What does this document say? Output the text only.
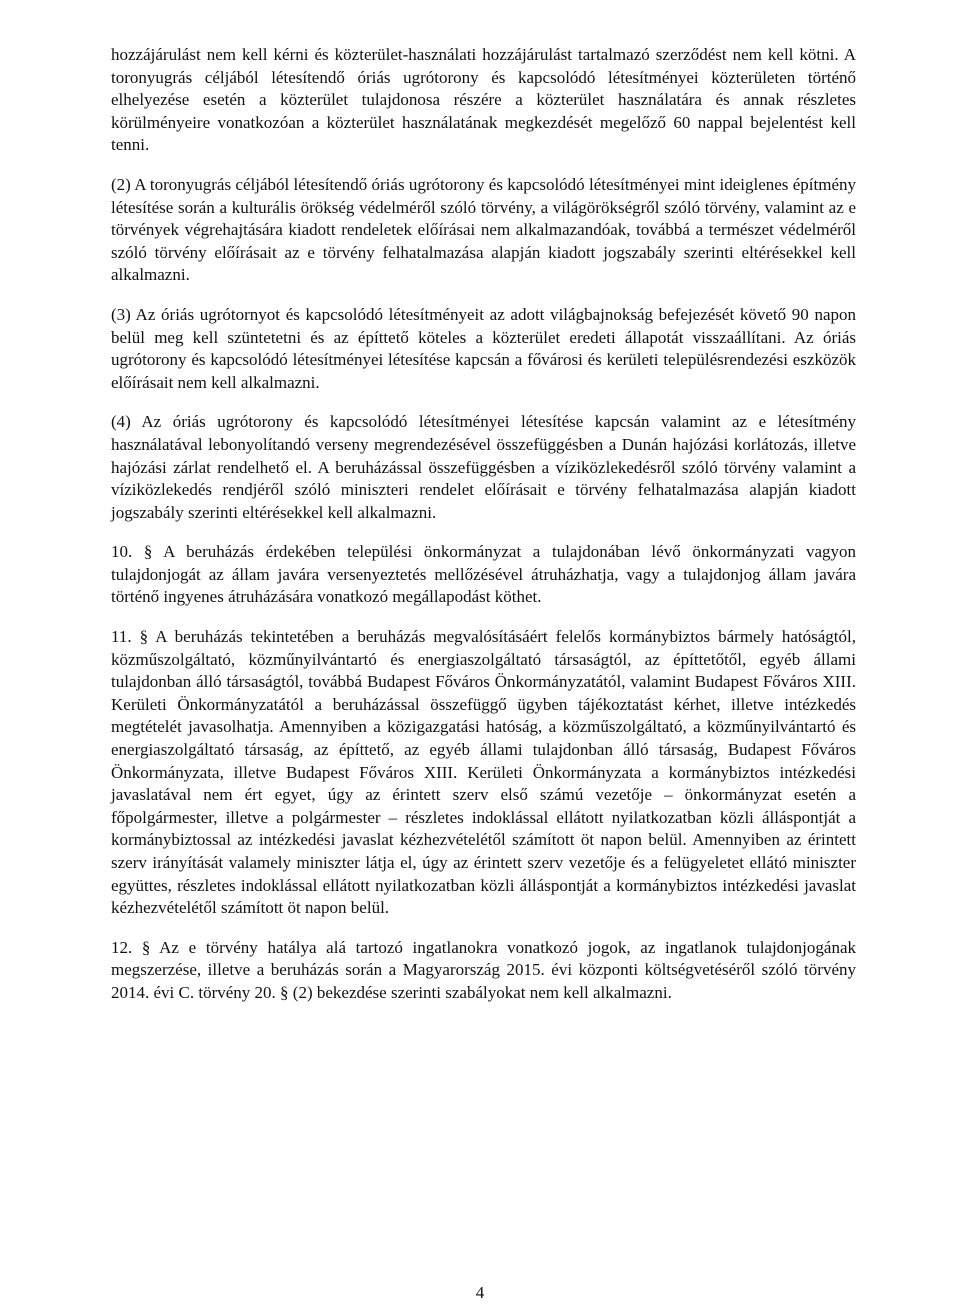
hozzájárulást nem kell kérni és közterület-használati hozzájárulást tartalmazó szerződést nem kell kötni. A toronyugrás céljából létesítendő óriás ugrótorony és kapcsolódó létesítményei közterületen történő elhelyezése esetén a közterület tulajdonosa részére a közterület használatára és annak részletes körülményeire vonatkozóan a közterület használatának megkezdését megelőző 60 nappal bejelentést kell tenni.

(2) A toronyugrás céljából létesítendő óriás ugrótorony és kapcsolódó létesítményei mint ideiglenes építmény létesítése során a kulturális örökség védelméről szóló törvény, a világörökségről szóló törvény, valamint az e törvények végrehajtására kiadott rendeletek előírásai nem alkalmazandóak, továbbá a természet védelméről szóló törvény előírásait az e törvény felhatalmazása alapján kiadott jogszabály szerinti eltérésekkel kell alkalmazni.

(3) Az óriás ugrótornyot és kapcsolódó létesítményeit az adott világbajnokság befejezését követő 90 napon belül meg kell szüntetetni és az építtető köteles a közterület eredeti állapotát visszaállítani. Az óriás ugrótorony és kapcsolódó létesítményei létesítése kapcsán a fővárosi és kerületi településrendezési eszközök előírásait nem kell alkalmazni.

(4) Az óriás ugrótorony és kapcsolódó létesítményei létesítése kapcsán valamint az e létesítmény használatával lebonyolítandó verseny megrendezésével összefüggésben a Dunán hajózási korlátozás, illetve hajózási zárlat rendelhető el. A beruházással összefüggésben a víziközlekedésről szóló törvény valamint a víziközlekedés rendjéről szóló miniszteri rendelet előírásait e törvény felhatalmazása alapján kiadott jogszabály szerinti eltérésekkel kell alkalmazni.

10. § A beruházás érdekében települési önkormányzat a tulajdonában lévő önkormányzati vagyon tulajdonjogát az állam javára versenyeztetés mellőzésével átruházhatja, vagy a tulajdonjog állam javára történő ingyenes átruházására vonatkozó megállapodást köthet.

11. § A beruházás tekintetében a beruházás megvalósításáért felelős kormánybiztos bármely hatóságtól, közműszolgáltató, közműnyilvántartó és energiaszolgáltató társaságtól, az építtetőtől, egyéb állami tulajdonban álló társaságtól, továbbá Budapest Főváros Önkormányzatától, valamint Budapest Főváros XIII. Kerületi Önkormányzatától a beruházással összefüggő ügyben tájékoztatást kérhet, illetve intézkedés megtételét javasolhatja. Amennyiben a közigazgatási hatóság, a közműszolgáltató, a közműnyilvántartó és energiaszolgáltató társaság, az építtető, az egyéb állami tulajdonban álló társaság, Budapest Főváros Önkormányzata, illetve Budapest Főváros XIII. Kerületi Önkormányzata a kormánybiztos intézkedési javaslatával nem ért egyet, úgy az érintett szerv első számú vezetője – önkormányzat esetén a főpolgármester, illetve a polgármester – részletes indoklással ellátott nyilatkozatban közli álláspontját a kormánybiztossal az intézkedési javaslat kézhezvételétől számított öt napon belül. Amennyiben az érintett szerv irányítását valamely miniszter látja el, úgy az érintett szerv vezetője és a felügyeletet ellátó miniszter együttes, részletes indoklással ellátott nyilatkozatban közli álláspontját a kormánybiztos intézkedési javaslat kézhezvételétől számított öt napon belül.

12. § Az e törvény hatálya alá tartozó ingatlanokra vonatkozó jogok, az ingatlanok tulajdonjogának megszerzése, illetve a beruházás során a Magyarország 2015. évi központi költségvetéséről szóló törvény 2014. évi C. törvény 20. § (2) bekezdése szerinti szabályokat nem kell alkalmazni.

4
